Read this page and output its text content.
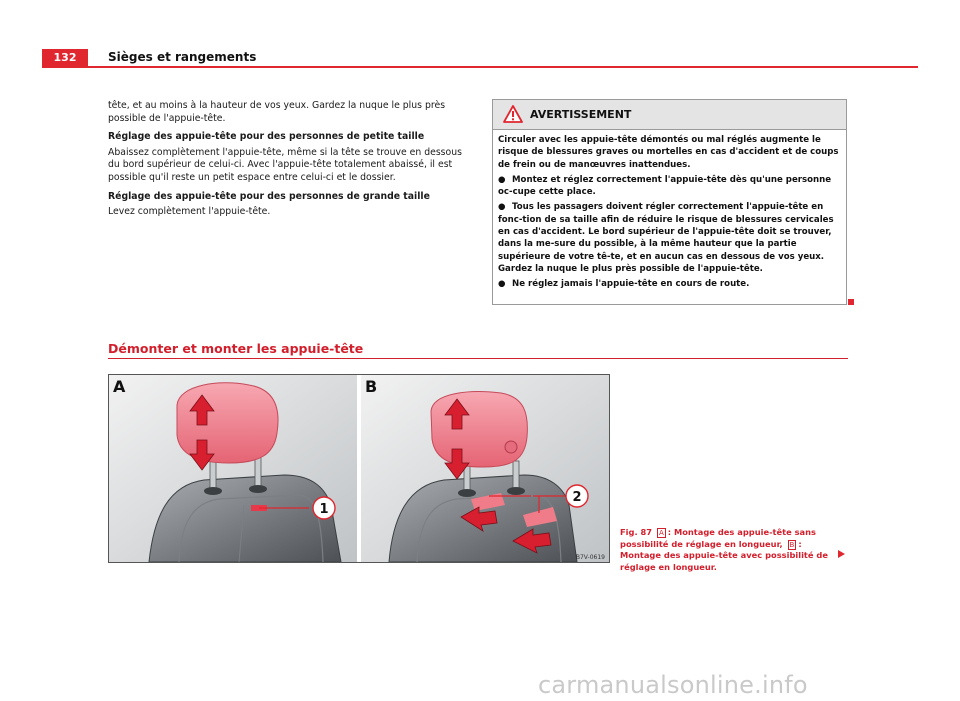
132	Sièges et rangements

tête, et au moins à la hauteur de vos yeux. Gardez la nuque le plus près possible de l'appuie-tête.

Réglage des appuie-tête pour des personnes de petite taille

Abaissez complètement l'appuie-tête, même si la tête se trouve en dessous du bord supérieur de celui-ci. Avec l'appuie-tête totalement abaissé, il est possible qu'il reste un petit espace entre celui-ci et le dossier.

Réglage des appuie-tête pour des personnes de grande taille

Levez complètement l'appuie-tête.

AVERTISSEMENT

Circuler avec les appuie-tête démontés ou mal réglés augmente le risque de blessures graves ou mortelles en cas d'accident et de coups de frein ou de manœuvres inattendues.

● Montez et réglez correctement l'appuie-tête dès qu'une personne oc-cupe cette place.

● Tous les passagers doivent régler correctement l'appuie-tête en fonc-tion de sa taille afin de réduire le risque de blessures cervicales en cas d'accident. Le bord supérieur de l'appuie-tête doit se trouver, dans la me-sure du possible, à la même hauteur que la partie supérieure de votre tê-te, et en aucun cas en dessous de vos yeux. Gardez la nuque le plus près possible de l'appuie-tête.

● Ne réglez jamais l'appuie-tête en cours de route.

Démonter et monter les appuie-tête
1
A
2
B
B7V-0619
Fig. 87 A : Montage des appuie-tête sans possibilité de réglage en longueur, B : Montage des appuie-tête avec possibilité de réglage en longueur.
carmanualsonline.info
